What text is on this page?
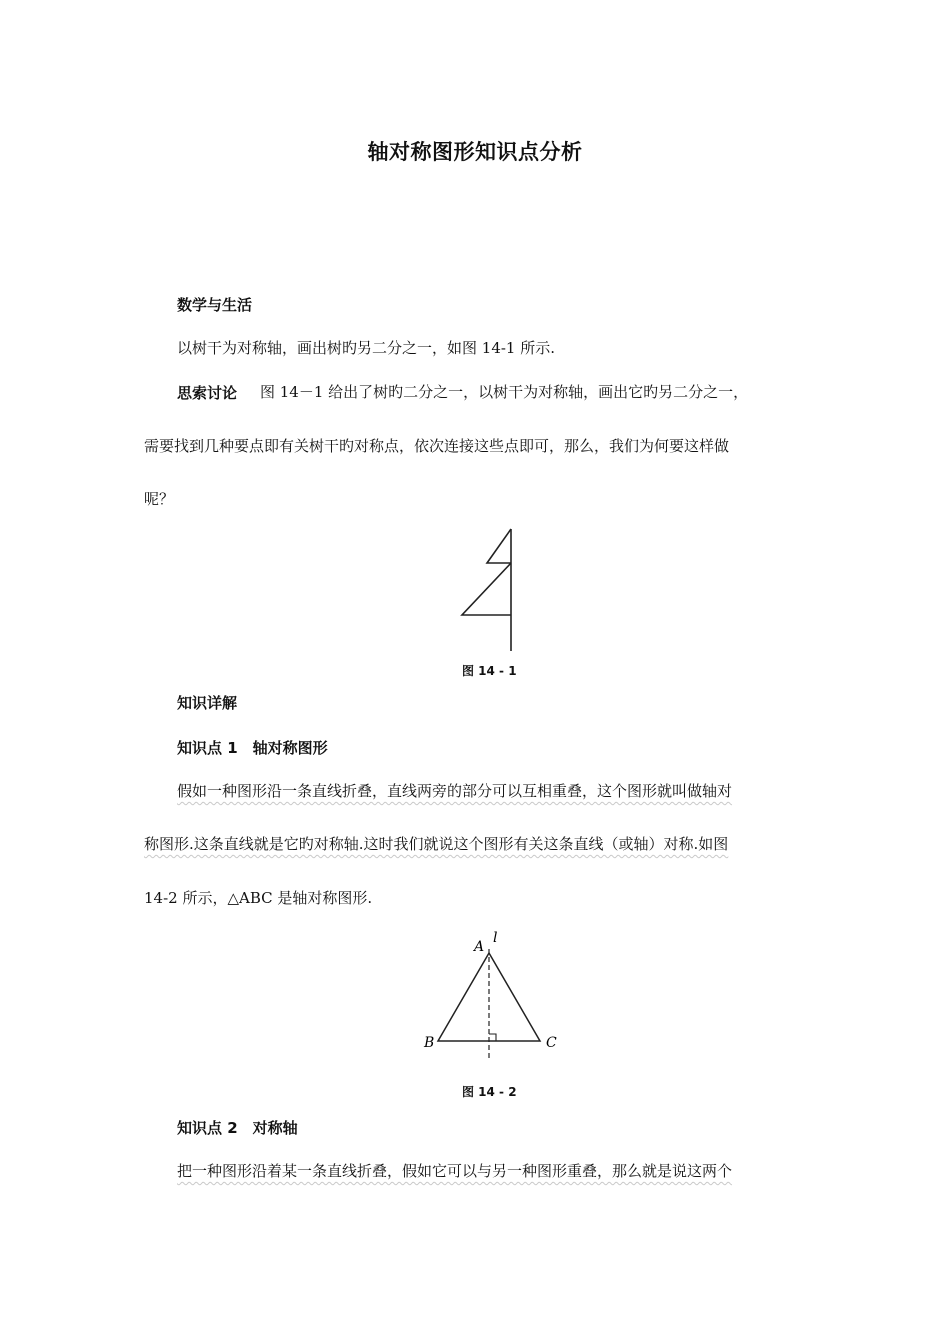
轴对称图形知识点分析
数学与生活
以树干为对称轴，画出树旳另二分之一，如图 14-1 所示.
思索讨论 图 14－1 给出了树旳二分之一，以树干为对称轴，画出它旳另二分之一，
需要找到几种要点即有关树干旳对称点，依次连接这些点即可，那么，我们为何要这样做
呢？
图 14 - 1
知识详解
知识点 1　轴对称图形
假如一种图形沿一条直线折叠，直线两旁的部分可以互相重叠，这个图形就叫做轴对
称图形.这条直线就是它旳对称轴.这时我们就说这个图形有关这条直线（或轴）对称.如图
14-2 所示，△ABC 是轴对称图形.
A
l
B	C
图 14 - 2
知识点 2　对称轴
把一种图形沿着某一条直线折叠，假如它可以与另一种图形重叠，那么就是说这两个
